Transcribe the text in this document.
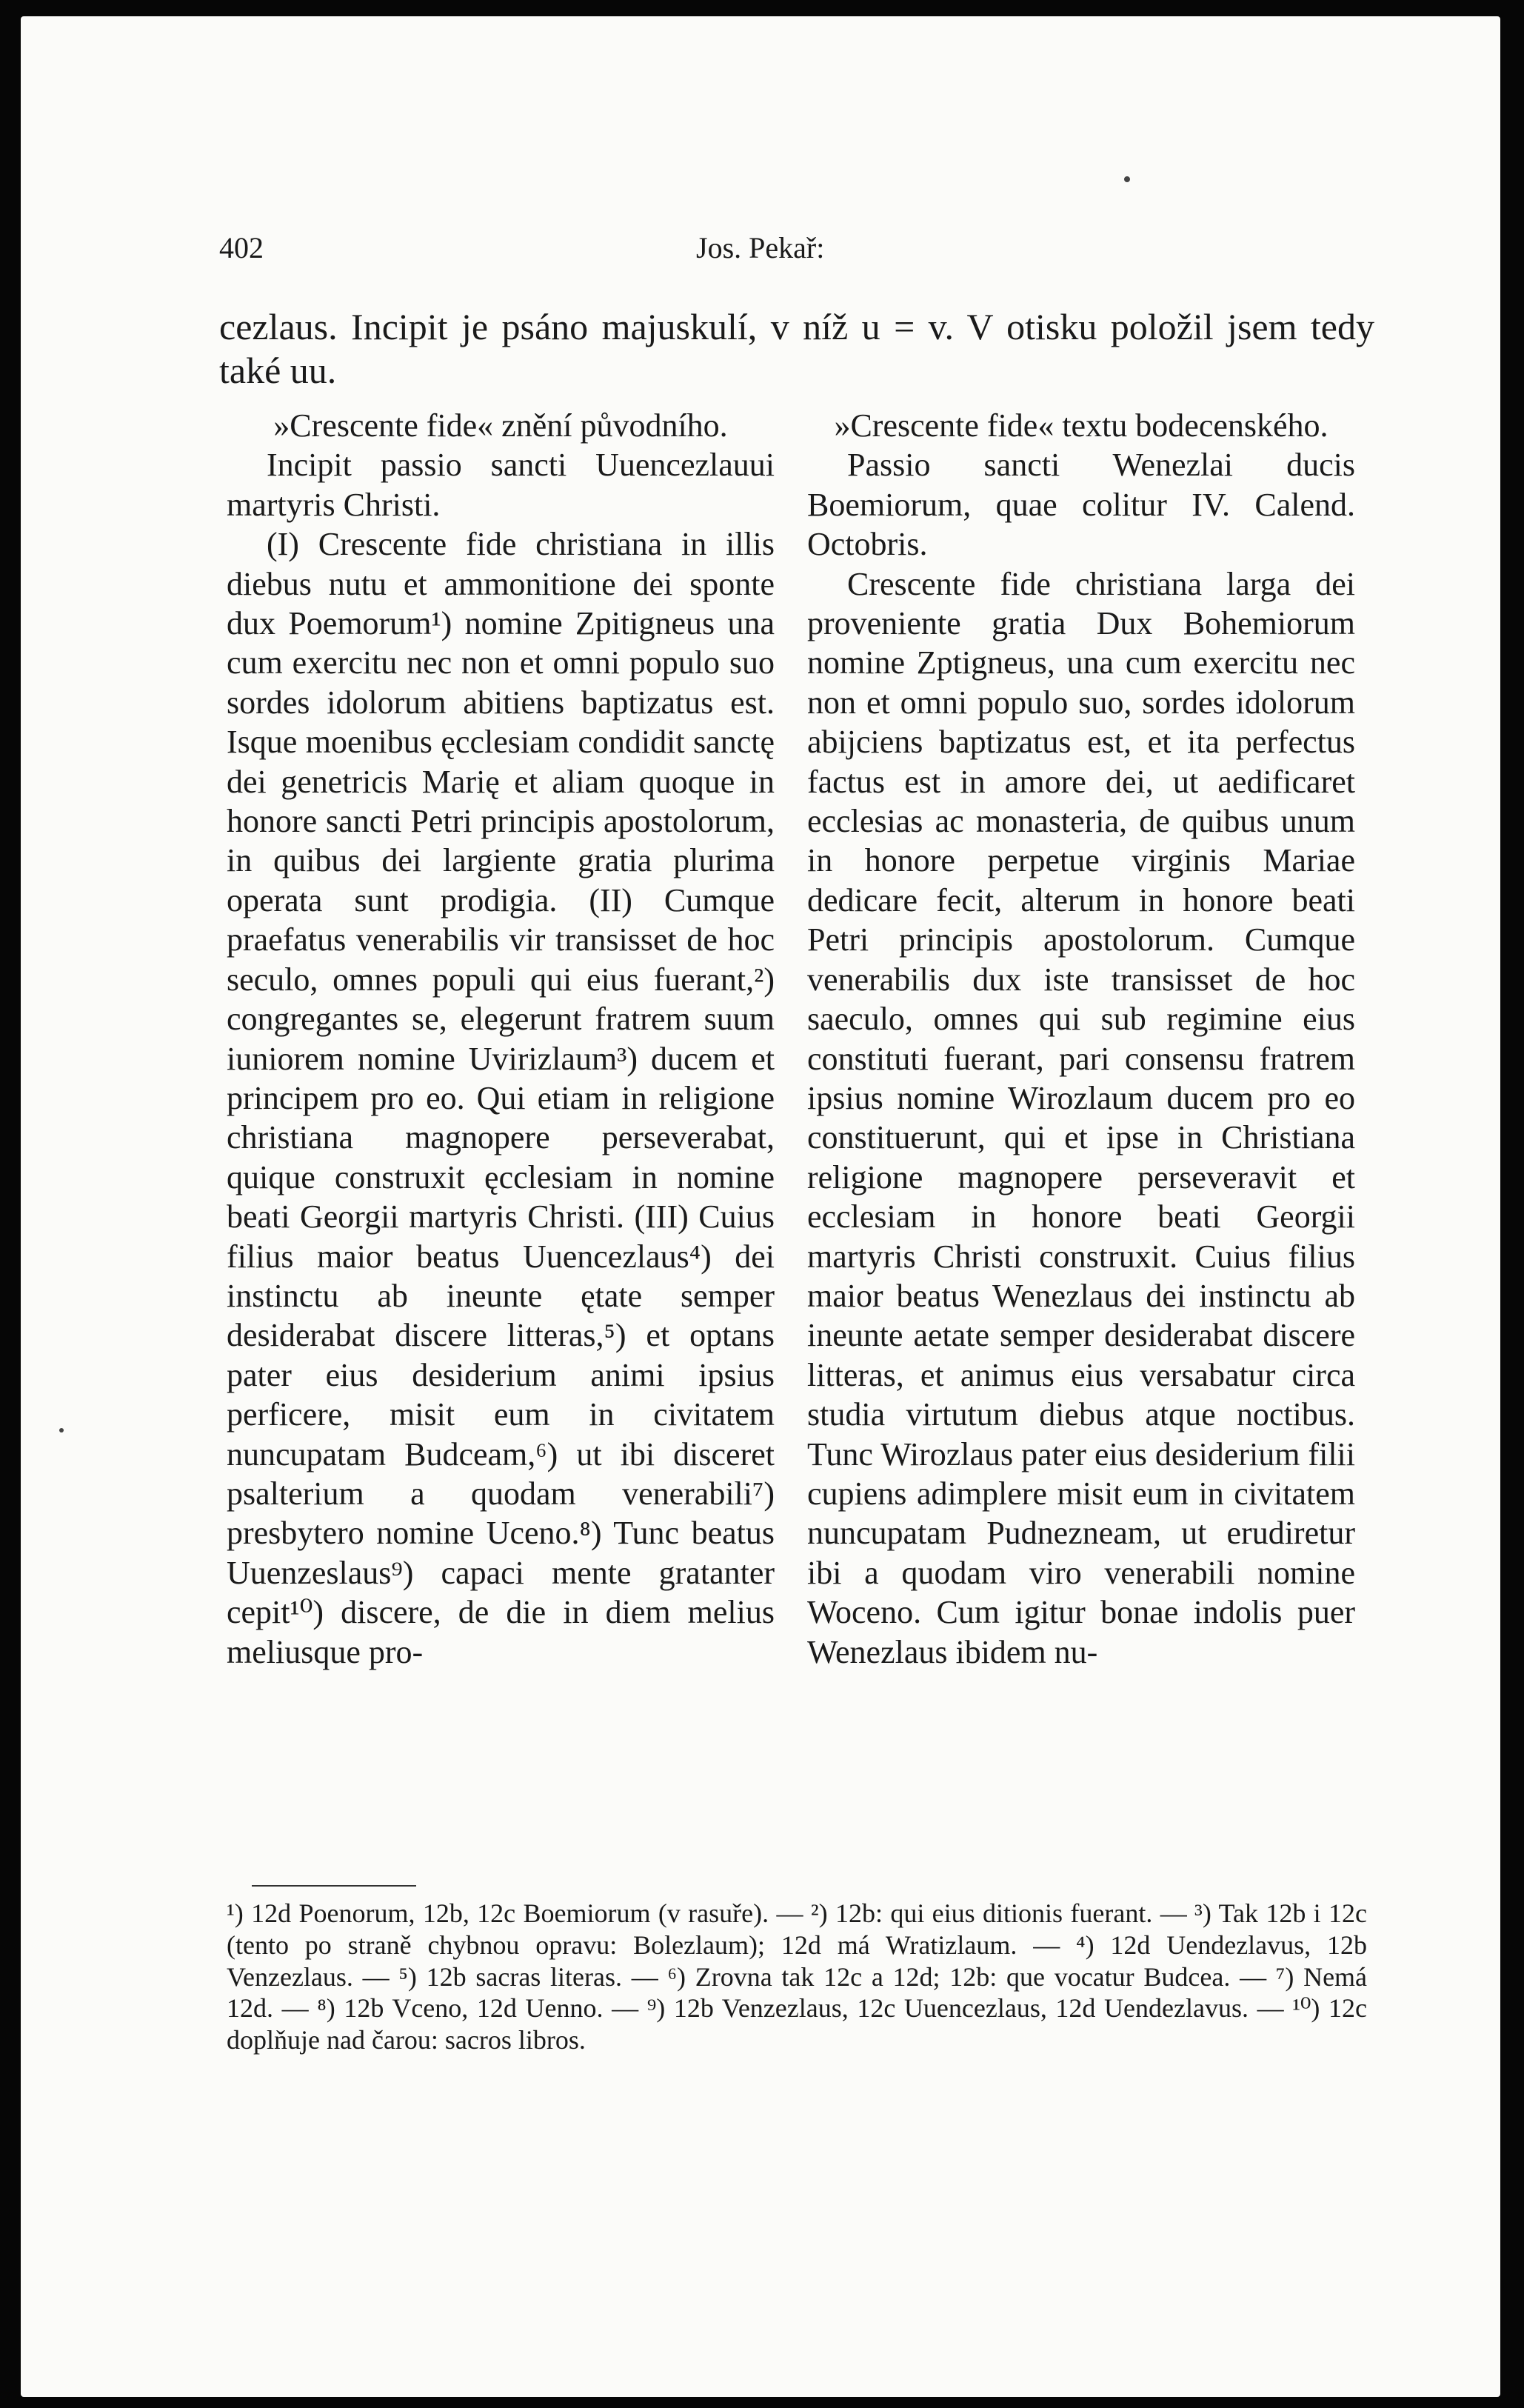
402	Jos. Pekař:

cezlaus. Incipit je psáno majuskulí, v níž u = v. V otisku položil jsem tedy také uu.

»Crescente fide« znění původního.

Incipit passio sancti Uuencezlauui martyris Christi.

(I) Crescente fide christiana in illis diebus nutu et ammonitione dei sponte dux Poemorum¹) nomine Zpitigneus una cum exercitu nec non et omni populo suo sordes idolorum abitiens baptizatus est. Isque moenibus ęcclesiam condidit sanctę dei genetricis Marię et aliam quoque in honore sancti Petri principis apostolorum, in quibus dei largiente gratia plurima operata sunt prodigia. (II) Cumque praefatus venerabilis vir transisset de hoc seculo, omnes populi qui eius fuerant,²) congregantes se, elegerunt fratrem suum iuniorem nomine Uvirizlaum³) ducem et principem pro eo. Qui etiam in religione christiana magnopere perseverabat, quique construxit ęcclesiam in nomine beati Georgii martyris Christi. (III) Cuius filius maior beatus Uuencezlaus⁴) dei instinctu ab ineunte ętate semper desiderabat discere litteras,⁵) et optans pater eius desiderium animi ipsius perficere, misit eum in civitatem nuncupatam Budceam,⁶) ut ibi disceret psalterium a quodam venerabili⁷) presbytero nomine Uceno.⁸) Tunc beatus Uuenzeslaus⁹) capaci mente gratanter cepit¹⁰) discere, de die in diem melius meliusque pro-

»Crescente fide« textu bodecenského.

Passio sancti Wenezlai ducis Boemiorum, quae colitur IV. Calend. Octobris.

Crescente fide christiana larga dei proveniente gratia Dux Bohemiorum nomine Zptigneus, una cum exercitu nec non et omni populo suo, sordes idolorum abijciens baptizatus est, et ita perfectus factus est in amore dei, ut aedificaret ecclesias ac monasteria, de quibus unum in honore perpetue virginis Mariae dedicare fecit, alterum in honore beati Petri principis apostolorum. Cumque venerabilis dux iste transisset de hoc saeculo, omnes qui sub regimine eius constituti fuerant, pari consensu fratrem ipsius nomine Wirozlaum ducem pro eo constituerunt, qui et ipse in Christiana religione magnopere perseveravit et ecclesiam in honore beati Georgii martyris Christi construxit. Cuius filius maior beatus Wenezlaus dei instinctu ab ineunte aetate semper desiderabat discere litteras, et animus eius versabatur circa studia virtutum diebus atque noctibus. Tunc Wirozlaus pater eius desiderium filii cupiens adimplere misit eum in civitatem nuncupatam Pudnezneam, ut erudiretur ibi a quodam viro venerabili nomine Woceno. Cum igitur bonae indolis puer Wenezlaus ibidem nu-

¹) 12d Poenorum, 12b, 12c Boemiorum (v rasuře). — ²) 12b: qui eius ditionis fuerant. — ³) Tak 12b i 12c (tento po straně chybnou opravu: Bolezlaum); 12d má Wratizlaum. — ⁴) 12d Uendezlavus, 12b Venzezlaus. — ⁵) 12b sacras literas. — ⁶) Zrovna tak 12c a 12d; 12b: que vocatur Budcea. — ⁷) Nemá 12d. — ⁸) 12b Vceno, 12d Uenno. — ⁹) 12b Venzezlaus, 12c Uuencezlaus, 12d Uendezlavus. — ¹⁰) 12c doplňuje nad čarou: sacros libros.
